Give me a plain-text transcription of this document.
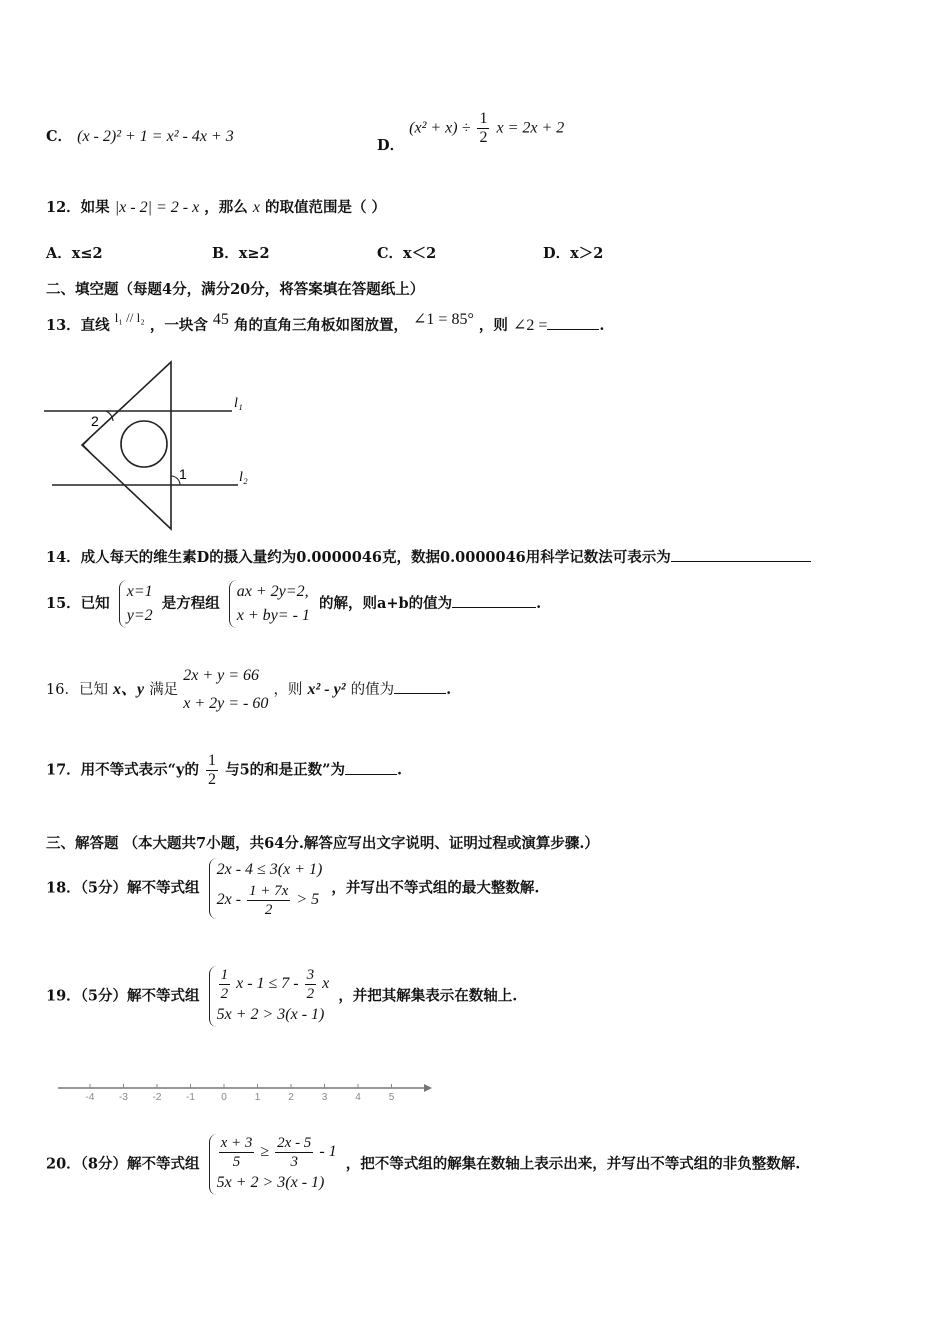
C． (x - 2)² + 1 = x² - 4x + 3	D． $(x^2 + x) \div \frac{1}{2}$ x = 2x + 2
12．如果 |x - 2| = 2 - x ，那么 x 的取值范围是（ ）
A．x≤2	B．x≥2	C．x＜2	D．x＞2
二、填空题（每题4分，满分20分，将答案填在答题纸上）
13．直线 l₁ // l₂ ，一块含 45 角的直角三角板如图放置， ∠1 = 85° ，则 ∠2 =	.
l₁
l₂
1
2
14．成人每天的维生素D的摄入量约为0.0000046克，数据0.0000046用科学记数法可表示为
15．已知
x=1
y=2
是方程组
ax + 2y=2,
x + by= - 1
的解，则a+b的值为	.
16．已知 x、y 满足
2x + y = 66
x + 2y = - 60
，则 x² - y² 的值为	.
17．用不等式表示“y的 $\frac{1}{2}$ 与5的和是正数”为	.
三、解答题 （本大题共7小题，共64分.解答应写出文字说明、证明过程或演算步骤.）
18．（5分）解不等式组
2x - 4 ≤ 3(x + 1)
$2x - \frac{1 + 7x}{2} > 5$
，并写出不等式组的最大整数解.
19．（5分）解不等式组 $\frac{1}{2}$ $x - 1 \le 7 - \frac{3}{2}$ x
5x + 2 > 3(x - 1)
，并把其解集表示在数轴上.
-4 -3 -2 -1	0	1	2	3	4	5
20．（8分）解不等式组 $\frac{x + 3}{5} \ge \frac{2x - 5}{3} - 1$
5x + 2 > 3(x - 1)
，把不等式组的解集在数轴上表示出来，并写出不等式组的非负整数解.
